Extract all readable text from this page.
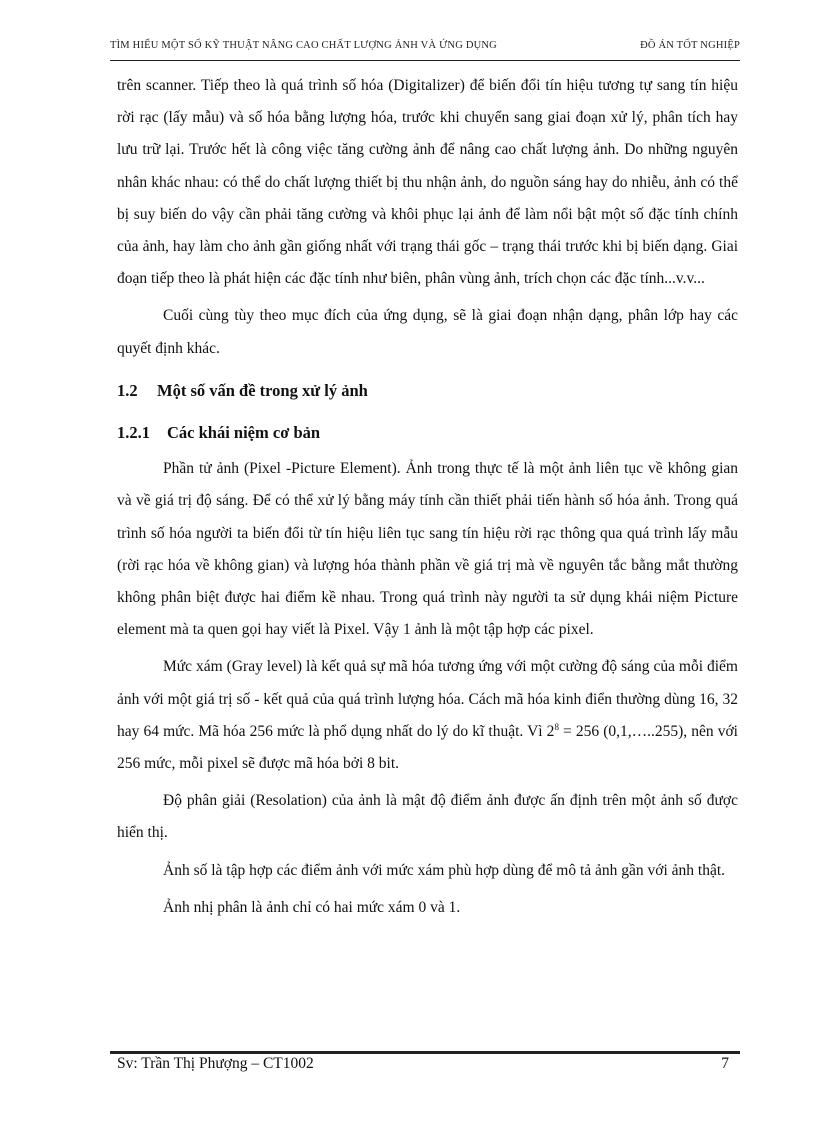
TÌM HIỂU MỘT SỐ KỸ THUẬT NÂNG CAO CHẤT LƯỢNG ẢNH VÀ ỨNG DỤNG	ĐỒ ÁN TỐT NGHIỆP

trên scanner. Tiếp theo là quá trình số hóa (Digitalizer) để biến đổi tín hiệu tương tự sang tín hiệu rời rạc (lấy mẫu) và số hóa bằng lượng hóa, trước khi chuyển sang giai đoạn xử lý, phân tích hay lưu trữ lại. Trước hết là công việc tăng cường ảnh để nâng cao chất lượng ảnh. Do những nguyên nhân khác nhau: có thể do chất lượng thiết bị thu nhận ảnh, do nguồn sáng hay do nhiễu, ảnh có thể bị suy biến do vậy cần phải tăng cường và khôi phục lại ảnh để làm nổi bật một số đặc tính chính của ảnh, hay làm cho ảnh gần giống nhất với trạng thái gốc – trạng thái trước khi bị biến dạng. Giai đoạn tiếp theo là phát hiện các đặc tính như biên, phân vùng ảnh, trích chọn các đặc tính...v.v...

Cuối cùng tùy theo mục đích của ứng dụng, sẽ là giai đoạn nhận dạng, phân lớp hay các quyết định khác.

1.2	Một số vấn đề trong xử lý ảnh
1.2.1	Các khái niệm cơ bản

Phần tử ảnh (Pixel -Picture Element). Ảnh trong thực tế là một ảnh liên tục về không gian và về giá trị độ sáng. Để có thể xử lý bằng máy tính cần thiết phải tiến hành số hóa ảnh. Trong quá trình số hóa người ta biến đổi từ tín hiệu liên tục sang tín hiệu rời rạc thông qua quá trình lấy mẫu (rời rạc hóa về không gian) và lượng hóa thành phần về giá trị mà về nguyên tắc bằng mắt thường không phân biệt được hai điểm kề nhau. Trong quá trình này người ta sử dụng khái niệm Picture element mà ta quen gọi hay viết là Pixel. Vậy 1 ảnh là một tập hợp các pixel.

Mức xám (Gray level) là kết quả sự mã hóa tương ứng với một cường độ sáng của mỗi điểm ảnh với một giá trị số - kết quả của quá trình lượng hóa. Cách mã hóa kinh điển thường dùng 16, 32 hay 64 mức. Mã hóa 256 mức là phổ dụng nhất do lý do kĩ thuật. Vì $2^8 = 256$ (0,1,…..255), nên với 256 mức, mỗi pixel sẽ được mã hóa bởi 8 bit.

Độ phân giải (Resolation) của ảnh là mật độ điểm ảnh được ấn định trên một ảnh số được hiển thị.

Ảnh số là tập hợp các điểm ảnh với mức xám phù hợp dùng để mô tả ảnh gần với ảnh thật.

Ảnh nhị phân là ảnh chỉ có hai mức xám 0 và 1.

Sv: Trần Thị Phượng – CT1002	7
